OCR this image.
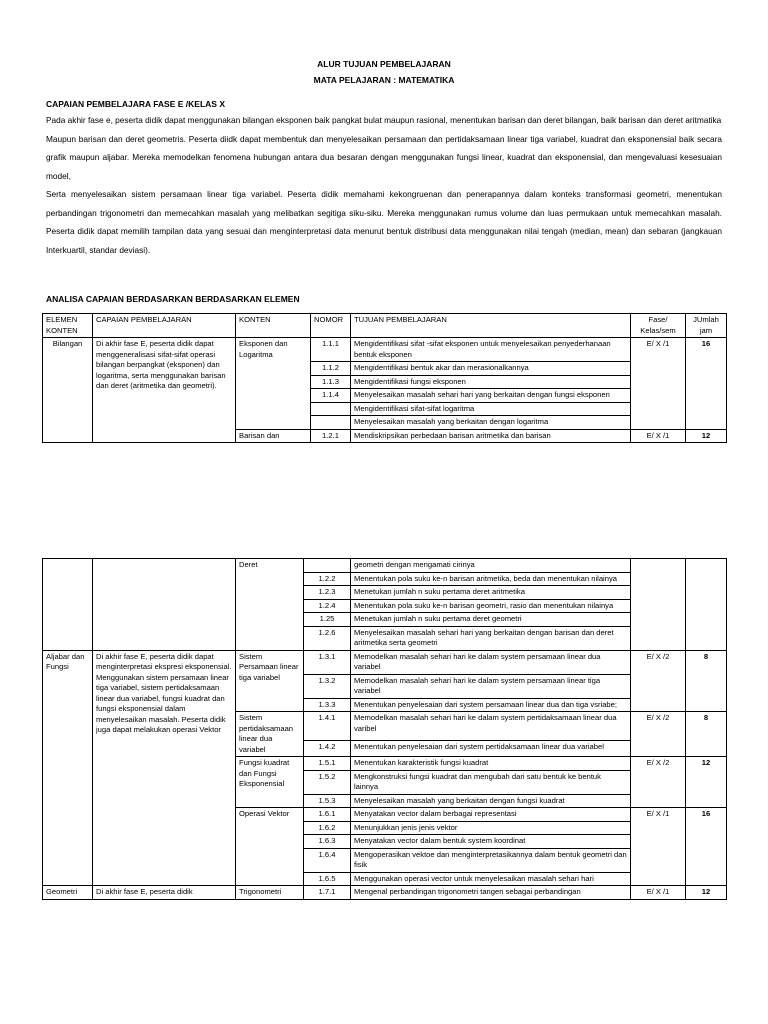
ALUR TUJUAN PEMBELAJARAN
MATA PELAJARAN : MATEMATIKA
CAPAIAN PEMBELAJARA FASE E /KELAS X

Pada akhir fase e, peserta didik dapat menggunakan bilangan eksponen baik pangkat bulat maupun rasional, menentukan barisan dan deret bilangan, baik barisan dan deret aritmatika

Maupun barisan dan deret geometris. Peserta diidk dapat membentuk dan menyelesaikan persamaan dan pertidaksamaan linear tiga variabel, kuadrat dan eksponensial baik secara grafik maupun aljabar. Mereka memodelkan fenomena hubungan antara dua besaran dengan menggunakan fungsi linear, kuadrat dan eksponensial, dan mengevaluasi kesesuaian model,

Serta menyelesaikan sistem persamaan linear tiga variabel. Peserta didik memahami kekongruenan dan penerapannya dalam konteks transformasi geometri, menentukan perbandingan trigonometri dan memecahkan masalah yang melibatkan segitiga siku-siku. Mereka menggunakan rumus volume dan luas permukaan untuk memecahkan masalah. Peserta didik dapat memilih tampilan data yang sesuai dan menginterpretasi data menurut bentuk distribusi data menggunakan nilai tengah (median, mean) dan sebaran (jangkauan Interkuartil, standar deviasi).

ANALISA CAPAIAN BERDASARKAN BERDASARKAN ELEMEN
ELEMEN KONTEN	CAPAIAN PEMBELAJARAN	KONTEN	NOMOR	TUJUAN PEMBELAJARAN	Fase/ Kelas/sem	JUmlah jam
Bilangan	Di akhir fase E, peserta didik dapat menggeneralisasi sifat-sifat operasi bilangan berpangkat (eksponen) dan logaritma, serta menggunakan barisan dan deret (aritmetika dan geometri).	Eksponen dan Logaritma	1.1.1	Mengidentifikasi sifat -sifat eksponen untuk menyelesaikan penyederhanaan bentuk eksponen	E/ X /1	16
			1.1.2	Mengidentifikasi bentuk akar dan merasionalkannya		
			1.1.3	Mengidentifikasi fungsi eksponen		
			1.1.4	Menyelesaikan masalah sehari hari yang berkaitan dengan fungsi eksponen		
				Mengidentifikasi sifat-sifat logaritma		
				Menyelesaikan masalah yang berkaitan dengan logaritma		
		Barisan dan	1.2.1	Mendiskripsikan perbedaan barisan aritmetika dan barisan	E/ X /1	12
		Deret		geometri dengan mengamati cirinya		
			1.2.2	Menentukan pola suku ke-n barisan aritmetika, beda dan menentukan nilainya		
			1.2.3	Menetukan jumlah n suku pertama deret aritmetika		
			1.2.4	Menentukan pola suku ke-n barisan geometri, rasio dan menentukan nilainya		
			1.25	Menetukan jumlah n suku pertama deret geometri		
			1.2.6	Menyelesaikan masalah sehari hari yang berkaitan dengan barisan dan deret aritmetika serta geometri		
Aljabar dan Fungsi	Di akhir fase E, peserta didik dapat menginterpretasi ekspresi eksponensial. Menggunakan sistem persamaan linear tiga variabel, sistem pertidaksamaan linear dua variabel, fungsi kuadrat dan fungsi eksponensial dalam menyelesaikan masalah. Peserta didik juga dapat melakukan operasi Vektor	Sistem Persamaan linear tiga variabel	1.3.1	Memodelkan masalah sehari hari ke dalam system persamaan linear dua variabel	E/ X /2	8
			1.3.2	Memodelkan masalah sehari hari ke dalam system persamaan linear tiga variabel		
			1.3.3	Menentukan penyelesaian dari system persamaan linear dua dan tiga vsriabe;		
		Sistem pertidaksamaan linear dua variabel	1.4.1	Memodelkan masalah sehari hari ke dalam system pertidaksamaan linear dua varibel	E/ X /2	8
			1.4.2	Menentukan penyelesaian dari system pertidaksamaan linear dua variabel		
		Fungsi kuadrat dan Fungsi Eksponensial	1.5.1	Menentukan karakteristik fungsi kuadrat	E/ X /2	12
			1.5.2	Mengkonstruksi fungsi kuadrat dan mengubah dari satu bentuk ke bentuk lainnya		
			1.5.3	Menyelesaikan masalah yang berkaitan dengan fungsi kuadrat		
		Operasi Vektor	1.6.1	Menyatakan vector dalam berbagai representasi	E/ X /1	16
			1.6.2	Menunjukkan jenis jenis vektor		
			1.6.3	Menyatakan vector dalam bentuk system koordinat		
			1.6.4	Mengoperasikan vektoe dan menginterpretasikannya dalam bentuk geometri dan fisik		
			1.6.5	Menggunakan operasi vector untuk menyelesaikan masalah sehari hari		
Geometri	Di akhir fase E, peserta didik	Trigonometri	1.7.1	Mengenal perbandingan trigonometri tangen sebagai perbandingan	E/ X /1	12
